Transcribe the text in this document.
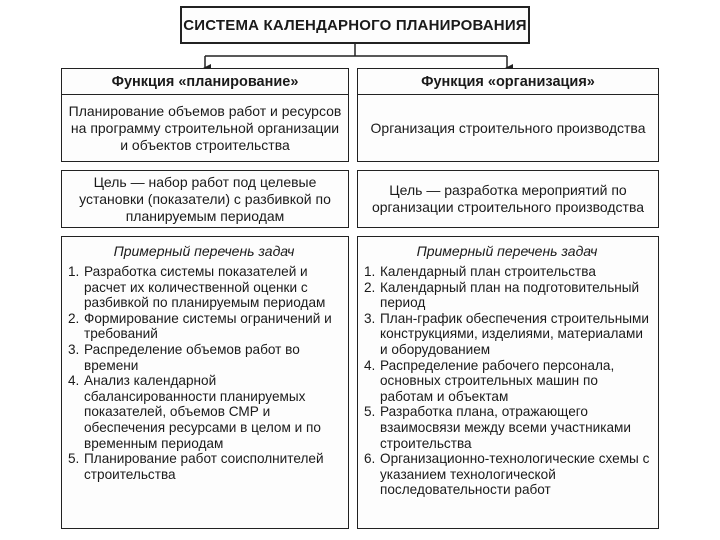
СИСТЕМА КАЛЕНДАРНОГО ПЛАНИРОВАНИЯ
Функция «планирование»
Планирование объемов работ и ресурсов на программу строительной организации и объектов строительства
Цель — набор работ под целевые установки (показатели) с разбивкой по планируемым периодам
Примерный перечень задач
1. Разработка системы показателей и расчет их количественной оценки с разбивкой по планируемым периодам
2. Формирование системы ограничений и требований
3. Распределение объемов работ во времени
4. Анализ календарной сбалансированности планируемых показателей, объемов СМР и обеспечения ресурсами в целом и по временным периодам
5. Планирование работ соисполнителей строительства
Функция «организация»
Организация строительного производства
Цель — разработка мероприятий по организации строительного производства
Примерный перечень задач
1. Календарный план строительства
2. Календарный план на подготовительный период
3. План-график обеспечения строительными конструкциями, изделиями, материалами и оборудованием
4. Распределение рабочего персонала, основных строительных машин по работам и объектам
5. Разработка плана, отражающего взаимосвязи между всеми участниками строительства
6. Организационно-технологические схемы с указанием технологической последовательности работ
